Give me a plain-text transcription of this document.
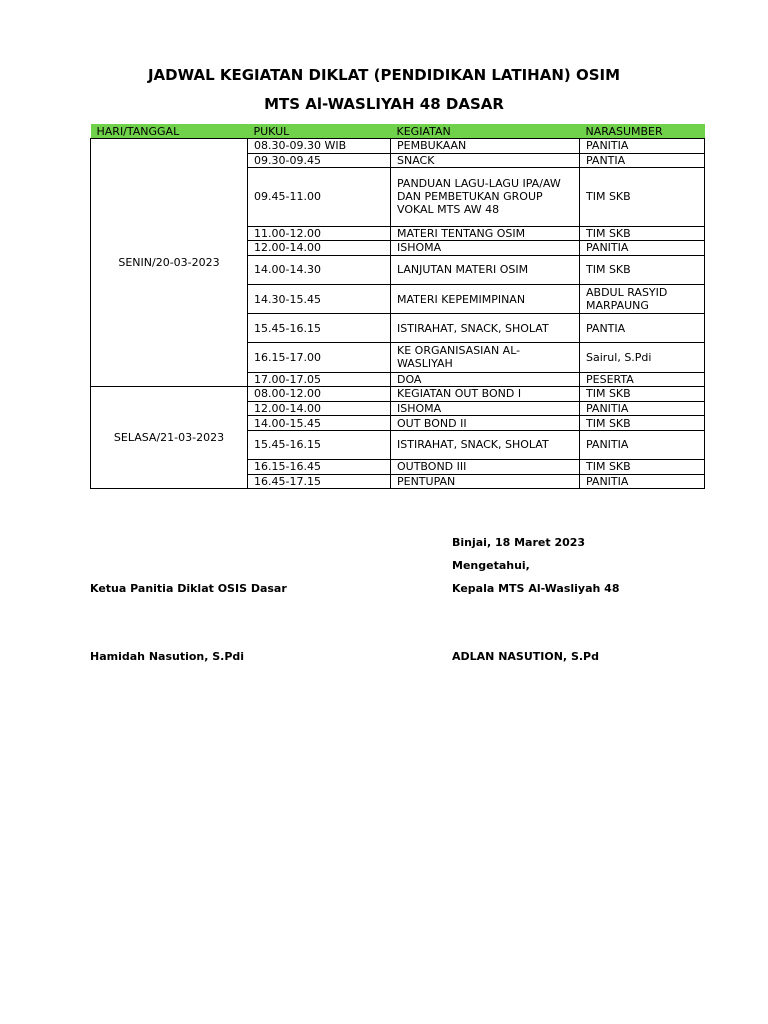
JADWAL KEGIATAN DIKLAT (PENDIDIKAN LATIHAN) OSIM
MTS Al-WASLIYAH 48 DASAR
HARI/TANGGAL	PUKUL	KEGIATAN	NARASUMBER
SENIN/20-03-2023	08.30-09.30 WIB	PEMBUKAAN	PANITIA
	09.30-09.45	SNACK	PANTIA
	09.45-11.00	PANDUAN LAGU-LAGU IPA/AW DAN PEMBETUKAN GROUP VOKAL MTS AW 48	TIM SKB
	11.00-12.00	MATERI TENTANG OSIM	TIM SKB
	12.00-14.00	ISHOMA	PANITIA
	14.00-14.30	LANJUTAN MATERI OSIM	TIM SKB
	14.30-15.45	MATERI KEPEMIMPINAN	ABDUL RASYID MARPAUNG
	15.45-16.15	ISTIRAHAT, SNACK, SHOLAT	PANTIA
	16.15-17.00	KE ORGANISASIAN AL-WASLIYAH	Sairul, S.Pdi
	17.00-17.05	DOA	PESERTA
SELASA/21-03-2023	08.00-12.00	KEGIATAN OUT BOND I	TIM SKB
	12.00-14.00	ISHOMA	PANITIA
	14.00-15.45	OUT BOND II	TIM SKB
	15.45-16.15	ISTIRAHAT, SNACK, SHOLAT	PANITIA
	16.15-16.45	OUTBOND III	TIM SKB
	16.45-17.15	PENTUPAN	PANITIA
Binjai, 18 Maret 2023
Mengetahui,
Ketua Panitia Diklat OSIS Dasar	Kepala MTS Al-Wasliyah 48
Hamidah Nasution, S.Pdi	ADLAN NASUTION, S.Pd
